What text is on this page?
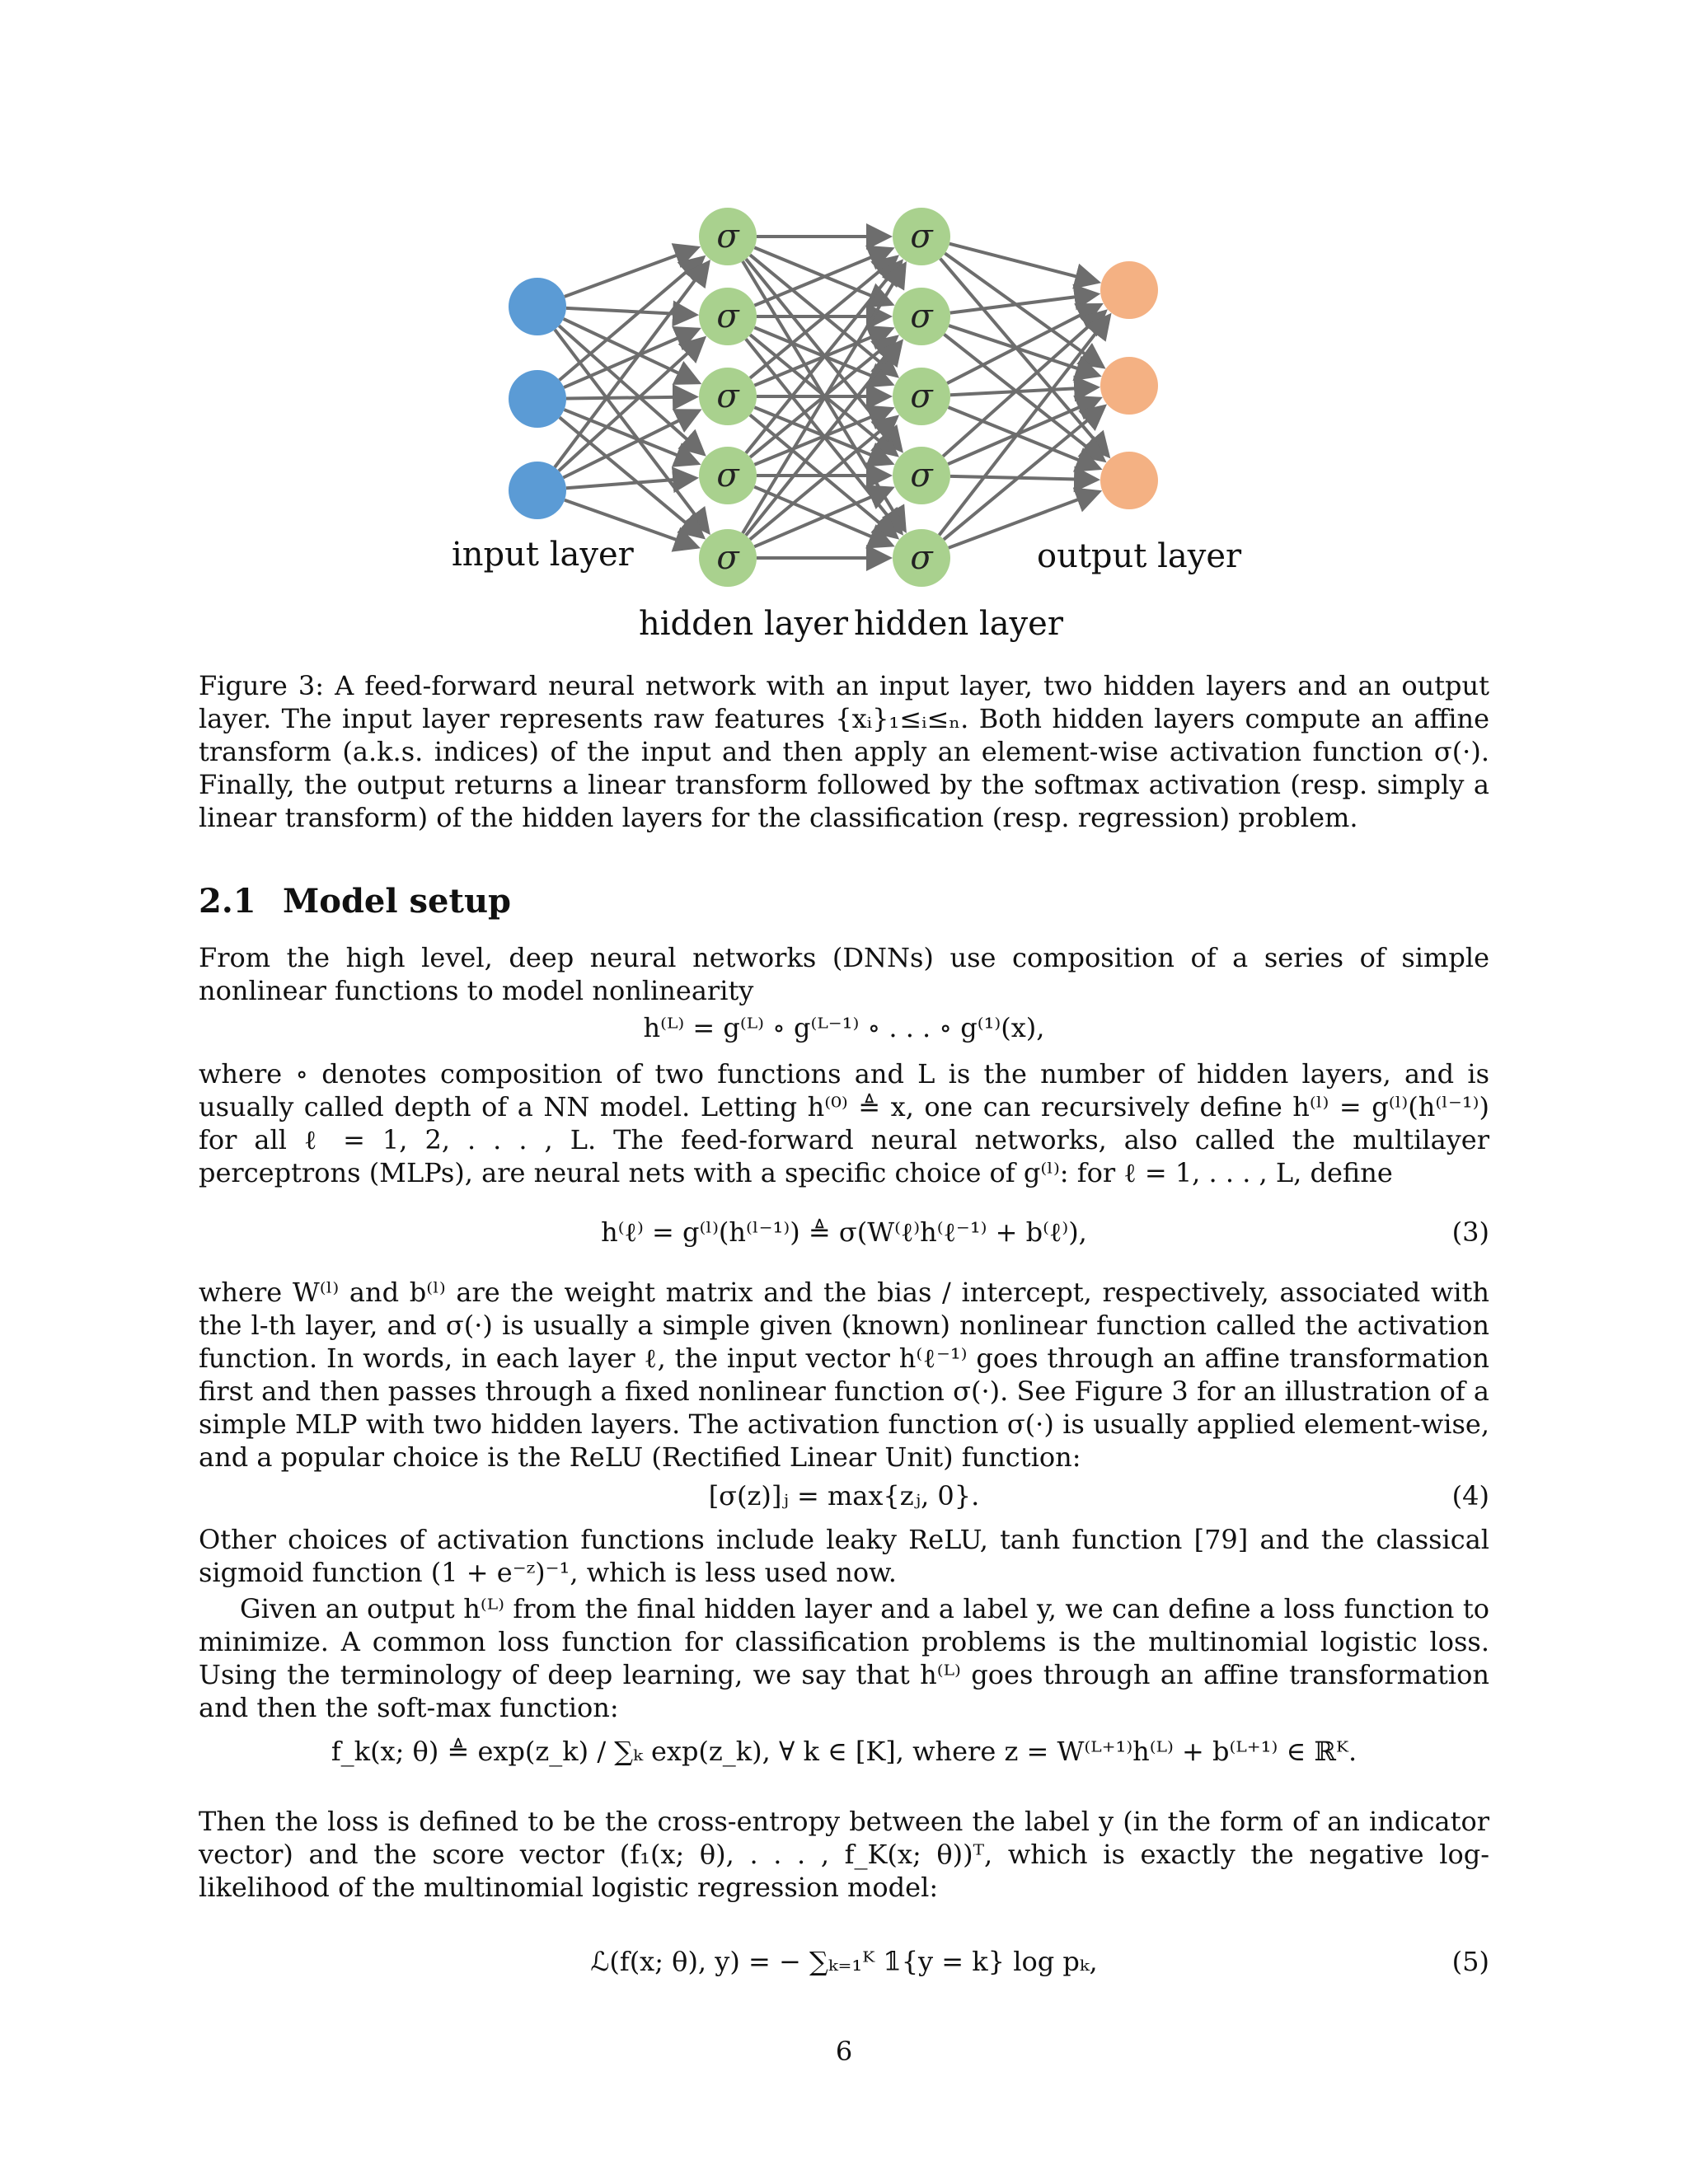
σ
σ
σ
σ
σ
σ
σ
σ
σ
σ
input layer	output layer
hidden layer hidden layer
Figure 3: A feed-forward neural network with an input layer, two hidden layers and an output layer. The input layer represents raw features {xᵢ}₁≤ᵢ≤ₙ. Both hidden layers compute an affine transform (a.k.s. indices) of the input and then apply an element-wise activation function σ(·). Finally, the output returns a linear transform followed by the softmax activation (resp. simply a linear transform) of the hidden layers for the classification (resp. regression) problem.
2.1 Model setup
From the high level, deep neural networks (DNNs) use composition of a series of simple nonlinear functions to model nonlinearity
h⁽ᴸ⁾ = g⁽ᴸ⁾ ∘ g⁽ᴸ⁻¹⁾ ∘ . . . ∘ g⁽¹⁾(x),
where ∘ denotes composition of two functions and L is the number of hidden layers, and is usually called depth of a NN model. Letting h⁽⁰⁾ ≜ x, one can recursively define h⁽ˡ⁾ = g⁽ˡ⁾(h⁽ˡ⁻¹⁾) for all ℓ = 1, 2, . . . , L. The feed-forward neural networks, also called the multilayer perceptrons (MLPs), are neural nets with a specific choice of g⁽ˡ⁾: for ℓ = 1, . . . , L, define
h⁽ℓ⁾ = g⁽ˡ⁾(h⁽ˡ⁻¹⁾) ≜ σ(W⁽ℓ⁾h⁽ℓ⁻¹⁾ + b⁽ℓ⁾),	(3)
where W⁽ˡ⁾ and b⁽ˡ⁾ are the weight matrix and the bias / intercept, respectively, associated with the l-th layer, and σ(·) is usually a simple given (known) nonlinear function called the activation function. In words, in each layer ℓ, the input vector h⁽ℓ⁻¹⁾ goes through an affine transformation first and then passes through a fixed nonlinear function σ(·). See Figure 3 for an illustration of a simple MLP with two hidden layers. The activation function σ(·) is usually applied element-wise, and a popular choice is the ReLU (Rectified Linear Unit) function:
[σ(z)]ⱼ = max{zⱼ, 0}.	(4)
Other choices of activation functions include leaky ReLU, tanh function [79] and the classical sigmoid function (1 + e⁻ᶻ)⁻¹, which is less used now.
Given an output h⁽ᴸ⁾ from the final hidden layer and a label y, we can define a loss function to minimize. A common loss function for classification problems is the multinomial logistic loss. Using the terminology of deep learning, we say that h⁽ᴸ⁾ goes through an affine transformation and then the soft-max function:
f_k(x; θ) ≜ exp(z_k) / ∑ₖ exp(z_k), ∀ k ∈ [K], where z = W⁽ᴸ⁺¹⁾h⁽ᴸ⁾ + b⁽ᴸ⁺¹⁾ ∈ ℝᴷ.
Then the loss is defined to be the cross-entropy between the label y (in the form of an indicator vector) and the score vector (f₁(x; θ), . . . , f_K(x; θ))ᵀ, which is exactly the negative log-likelihood of the multinomial logistic regression model:
ℒ(f(x; θ), y) = − ∑ₖ₌₁ᴷ 𝟙{y = k} log pₖ,	(5)
6
